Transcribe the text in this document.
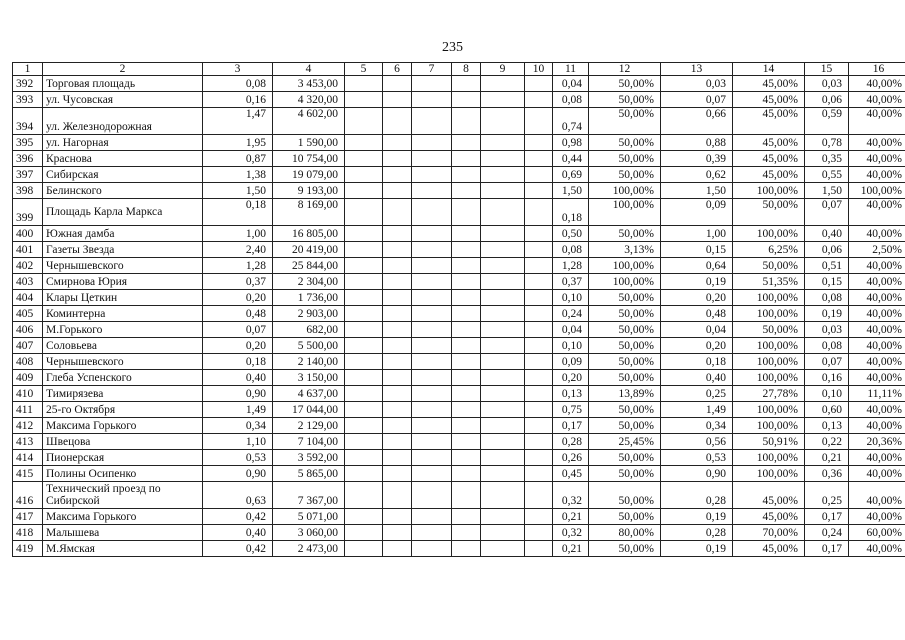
235
1	2	3	4	5	6	7	8	9	10	11	12	13	14	15	16
392	Торговая площадь	0,08	3 453,00							0,04	50,00%	0,03	45,00%	0,03	40,00%
393	ул. Чусовская	0,16	4 320,00							0,08	50,00%	0,07	45,00%	0,06	40,00%
394	ул. Железнодорожная	1,47	4 602,00							0,74	50,00%	0,66	45,00%	0,59	40,00%
395	ул. Нагорная	1,95	1 590,00							0,98	50,00%	0,88	45,00%	0,78	40,00%
396	Краснова	0,87	10 754,00							0,44	50,00%	0,39	45,00%	0,35	40,00%
397	Сибирская	1,38	19 079,00							0,69	50,00%	0,62	45,00%	0,55	40,00%
398	Белинского	1,50	9 193,00							1,50	100,00%	1,50	100,00%	1,50	100,00%
399	Площадь Карла Маркса	0,18	8 169,00							0,18	100,00%	0,09	50,00%	0,07	40,00%
400	Южная дамба	1,00	16 805,00							0,50	50,00%	1,00	100,00%	0,40	40,00%
401	Газеты Звезда	2,40	20 419,00							0,08	3,13%	0,15	6,25%	0,06	2,50%
402	Чернышевского	1,28	25 844,00							1,28	100,00%	0,64	50,00%	0,51	40,00%
403	Смирнова Юрия	0,37	2 304,00							0,37	100,00%	0,19	51,35%	0,15	40,00%
404	Клары Цеткин	0,20	1 736,00							0,10	50,00%	0,20	100,00%	0,08	40,00%
405	Коминтерна	0,48	2 903,00							0,24	50,00%	0,48	100,00%	0,19	40,00%
406	М.Горького	0,07	682,00							0,04	50,00%	0,04	50,00%	0,03	40,00%
407	Соловьева	0,20	5 500,00							0,10	50,00%	0,20	100,00%	0,08	40,00%
408	Чернышевского	0,18	2 140,00							0,09	50,00%	0,18	100,00%	0,07	40,00%
409	Глеба Успенского	0,40	3 150,00							0,20	50,00%	0,40	100,00%	0,16	40,00%
410	Тимирязева	0,90	4 637,00							0,13	13,89%	0,25	27,78%	0,10	11,11%
411	25-го Октября	1,49	17 044,00							0,75	50,00%	1,49	100,00%	0,60	40,00%
412	Максима Горького	0,34	2 129,00							0,17	50,00%	0,34	100,00%	0,13	40,00%
413	Швецова	1,10	7 104,00							0,28	25,45%	0,56	50,91%	0,22	20,36%
414	Пионерская	0,53	3 592,00							0,26	50,00%	0,53	100,00%	0,21	40,00%
415	Полины Осипенко	0,90	5 865,00							0,45	50,00%	0,90	100,00%	0,36	40,00%
416	Технический проезд по Сибирской	0,63	7 367,00							0,32	50,00%	0,28	45,00%	0,25	40,00%
417	Максима Горького	0,42	5 071,00							0,21	50,00%	0,19	45,00%	0,17	40,00%
418	Малышева	0,40	3 060,00							0,32	80,00%	0,28	70,00%	0,24	60,00%
419	М.Ямская	0,42	2 473,00							0,21	50,00%	0,19	45,00%	0,17	40,00%
